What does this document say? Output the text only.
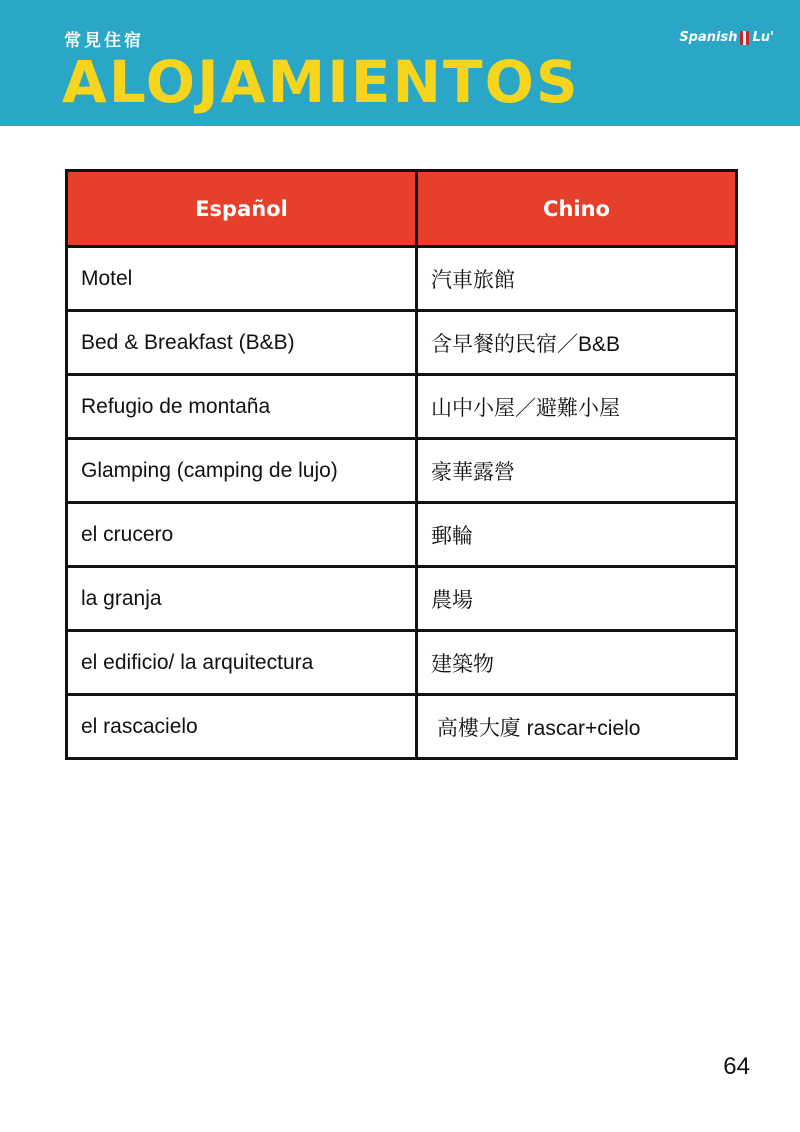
常見住宿
ALOJAMIENTOS
Spanish Lu'
Español	Chino
Motel	汽車旅館
Bed & Breakfast (B&B)	含早餐的民宿／B&B
Refugio de montaña	山中小屋／避難小屋
Glamping (camping de lujo)	豪華露營
el crucero	郵輪
la granja	農場
el edificio/ la arquitectura	建築物
el rascacielo	高樓大廈 rascar+cielo
64
